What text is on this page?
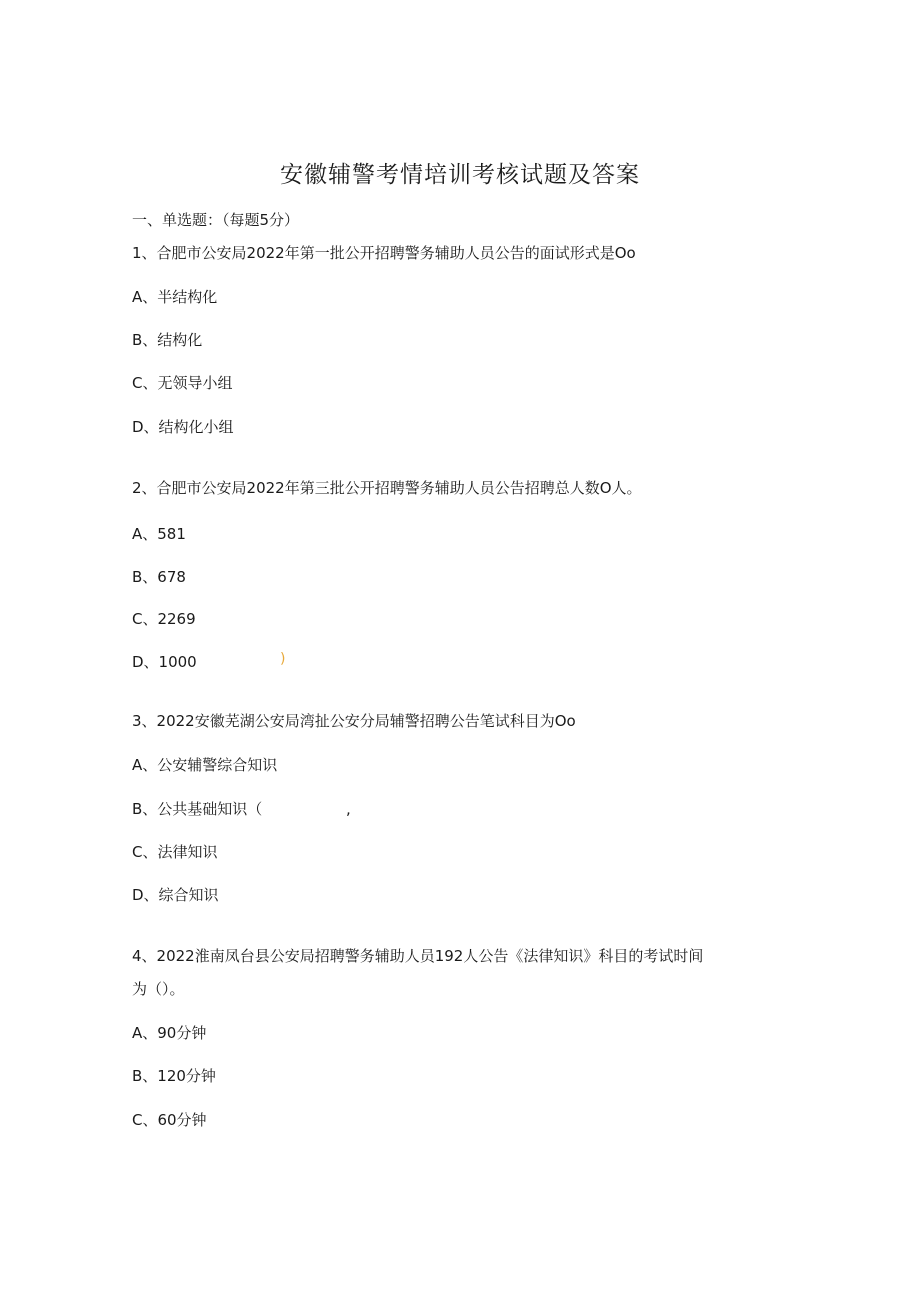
安徽辅警考情培训考核试题及答案
一、单选题：（每题5分）
1、合肥市公安局2022年第一批公开招聘警务辅助人员公告的面试形式是Oo
A、半结构化
B、结构化
C、无领导小组
D、结构化小组
2、合肥市公安局2022年第三批公开招聘警务辅助人员公告招聘总人数O人。
A、581
B、678
C、2269
D、1000	)
3、2022安徽芜湖公安局湾扯公安分局辅警招聘公告笔试科目为Oo
A、公安辅警综合知识
B、公共基础知识（	,
C、法律知识
D、综合知识
4、2022淮南凤台县公安局招聘警务辅助人员192人公告《法律知识》科目的考试时间
为（）。
A、90分钟
B、120分钟
C、60分钟
